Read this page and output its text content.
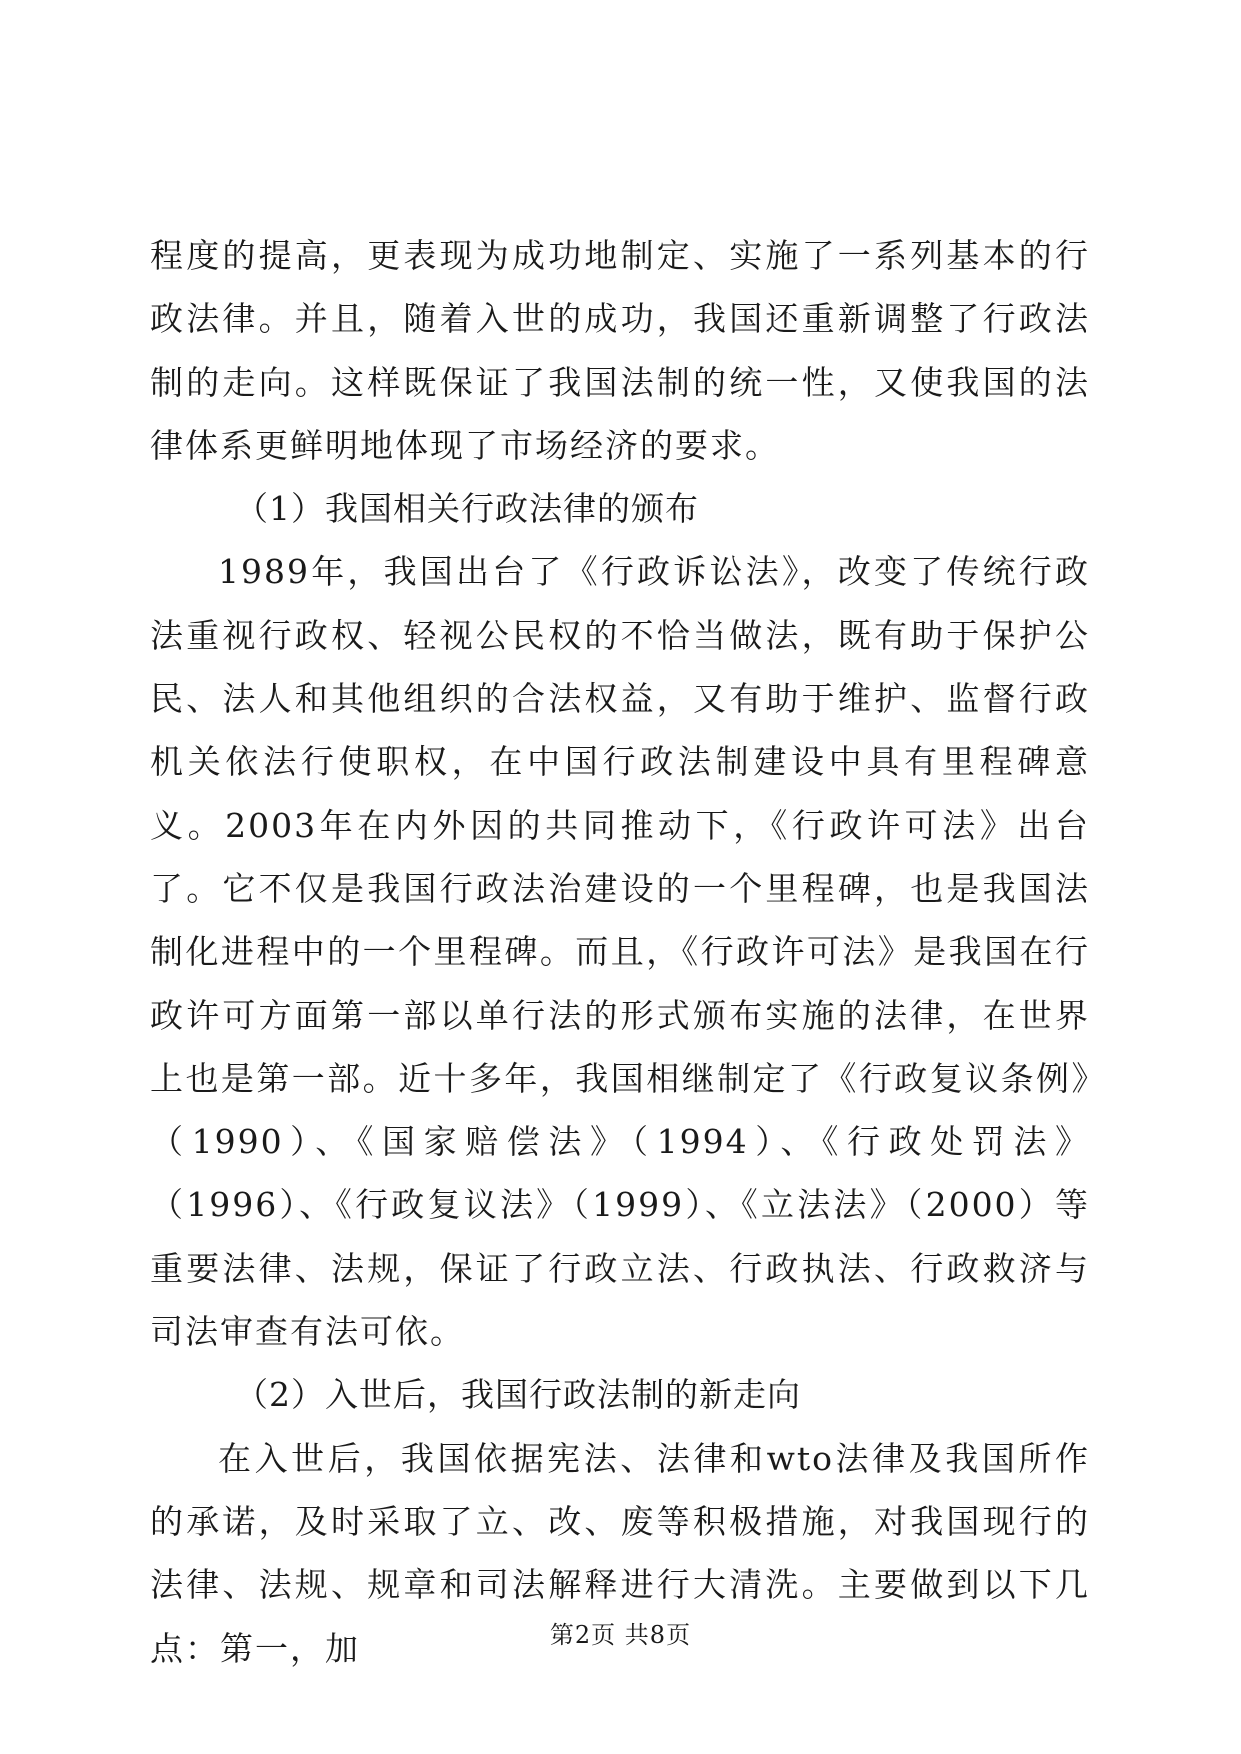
程度的提高，更表现为成功地制定、实施了一系列基本的行政法律。并且，随着入世的成功，我国还重新调整了行政法制的走向。这样既保证了我国法制的统一性，又使我国的法律体系更鲜明地体现了市场经济的要求。

（1）我国相关行政法律的颁布

1989年，我国出台了《行政诉讼法》，改变了传统行政法重视行政权、轻视公民权的不恰当做法，既有助于保护公民、法人和其他组织的合法权益，又有助于维护、监督行政机关依法行使职权，在中国行政法制建设中具有里程碑意义。2003年在内外因的共同推动下，《行政许可法》出台了。它不仅是我国行政法治建设的一个里程碑，也是我国法制化进程中的一个里程碑。而且，《行政许可法》是我国在行政许可方面第一部以单行法的形式颁布实施的法律，在世界上也是第一部。近十多年，我国相继制定了《行政复议条例》（1990）、《国家赔偿法》（1994）、《行政处罚法》（1996）、《行政复议法》（1999）、《立法法》（2000）等重要法律、法规，保证了行政立法、行政执法、行政救济与司法审查有法可依。

（2）入世后，我国行政法制的新走向

在入世后，我国依据宪法、法律和wto法律及我国所作的承诺，及时采取了立、改、废等积极措施，对我国现行的法律、法规、规章和司法解释进行大清洗。主要做到以下几点：第一，加	第2页 共8页
